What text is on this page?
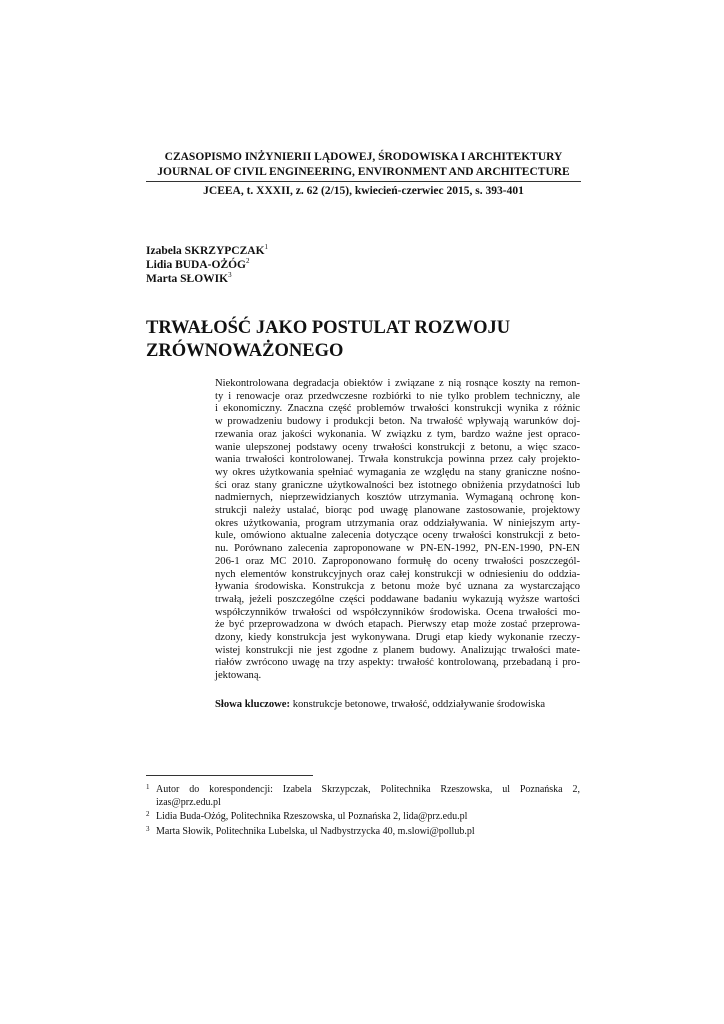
CZASOPISMO INŻYNIERII LĄDOWEJ, ŚRODOWISKA I ARCHITEKTURY
JOURNAL OF CIVIL ENGINEERING, ENVIRONMENT AND ARCHITECTURE
JCEEA, t. XXXII, z. 62 (2/15), kwiecień-czerwiec 2015, s. 393-401
Izabela SKRZYPCZAK$^1$
Lidia BUDA-OŻÓG$^2$
Marta SŁOWIK$^3$
TRWAŁOŚĆ JAKO POSTULAT ROZWOJU
ZRÓWNOWAŻONEGO
Niekontrolowana degradacja obiektów i związane z nią rosnące koszty na remon-
ty i renowacje oraz przedwczesne rozbiórki to nie tylko problem techniczny, ale
i ekonomiczny. Znaczna część problemów trwałości konstrukcji wynika z różnic
w prowadzeniu budowy i produkcji beton. Na trwałość wpływają warunków doj-
rzewania oraz jakości wykonania. W związku z tym, bardzo ważne jest opraco-
wanie ulepszonej podstawy oceny trwałości konstrukcji z betonu, a więc szaco-
wania trwałości kontrolowanej. Trwała konstrukcja powinna przez cały projekto-
wy okres użytkowania spełniać wymagania ze względu na stany graniczne nośno-
ści oraz stany graniczne użytkowalności bez istotnego obniżenia przydatności lub
nadmiernych, nieprzewidzianych kosztów utrzymania. Wymaganą ochronę kon-
strukcji należy ustalać, biorąc pod uwagę planowane zastosowanie, projektowy
okres użytkowania, program utrzymania oraz oddziaływania. W niniejszym arty-
kule, omówiono aktualne zalecenia dotyczące oceny trwałości konstrukcji z beto-
nu. Porównano zalecenia zaproponowane w PN-EN-1992, PN-EN-1990, PN-EN
206-1 oraz MC 2010. Zaproponowano formułę do oceny trwałości poszczegól-
nych elementów konstrukcyjnych oraz całej konstrukcji w odniesieniu do oddzia-
ływania środowiska. Konstrukcja z betonu może być uznana za wystarczająco
trwałą, jeżeli poszczególne części poddawane badaniu wykazują wyższe wartości
współczynników trwałości od współczynników środowiska. Ocena trwałości mo-
że być przeprowadzona w dwóch etapach. Pierwszy etap może zostać przeprowa-
dzony, kiedy konstrukcja jest wykonywana. Drugi etap kiedy wykonanie rzeczy-
wistej konstrukcji nie jest zgodne z planem budowy. Analizując trwałości mate-
riałów zwrócono uwagę na trzy aspekty: trwałość kontrolowaną, przebadaną i pro-
jektowaną.
Słowa kluczowe: konstrukcje betonowe, trwałość, oddziaływanie środowiska
1 Autor do korespondencji: Izabela Skrzypczak, Politechnika Rzeszowska, ul Poznańska 2,
izas@prz.edu.pl
2 Lidia Buda-Ożóg, Politechnika Rzeszowska, ul Poznańska 2, lida@prz.edu.pl
3 Marta Słowik, Politechnika Lubelska, ul Nadbystrzycka 40, m.slowi@pollub.pl
